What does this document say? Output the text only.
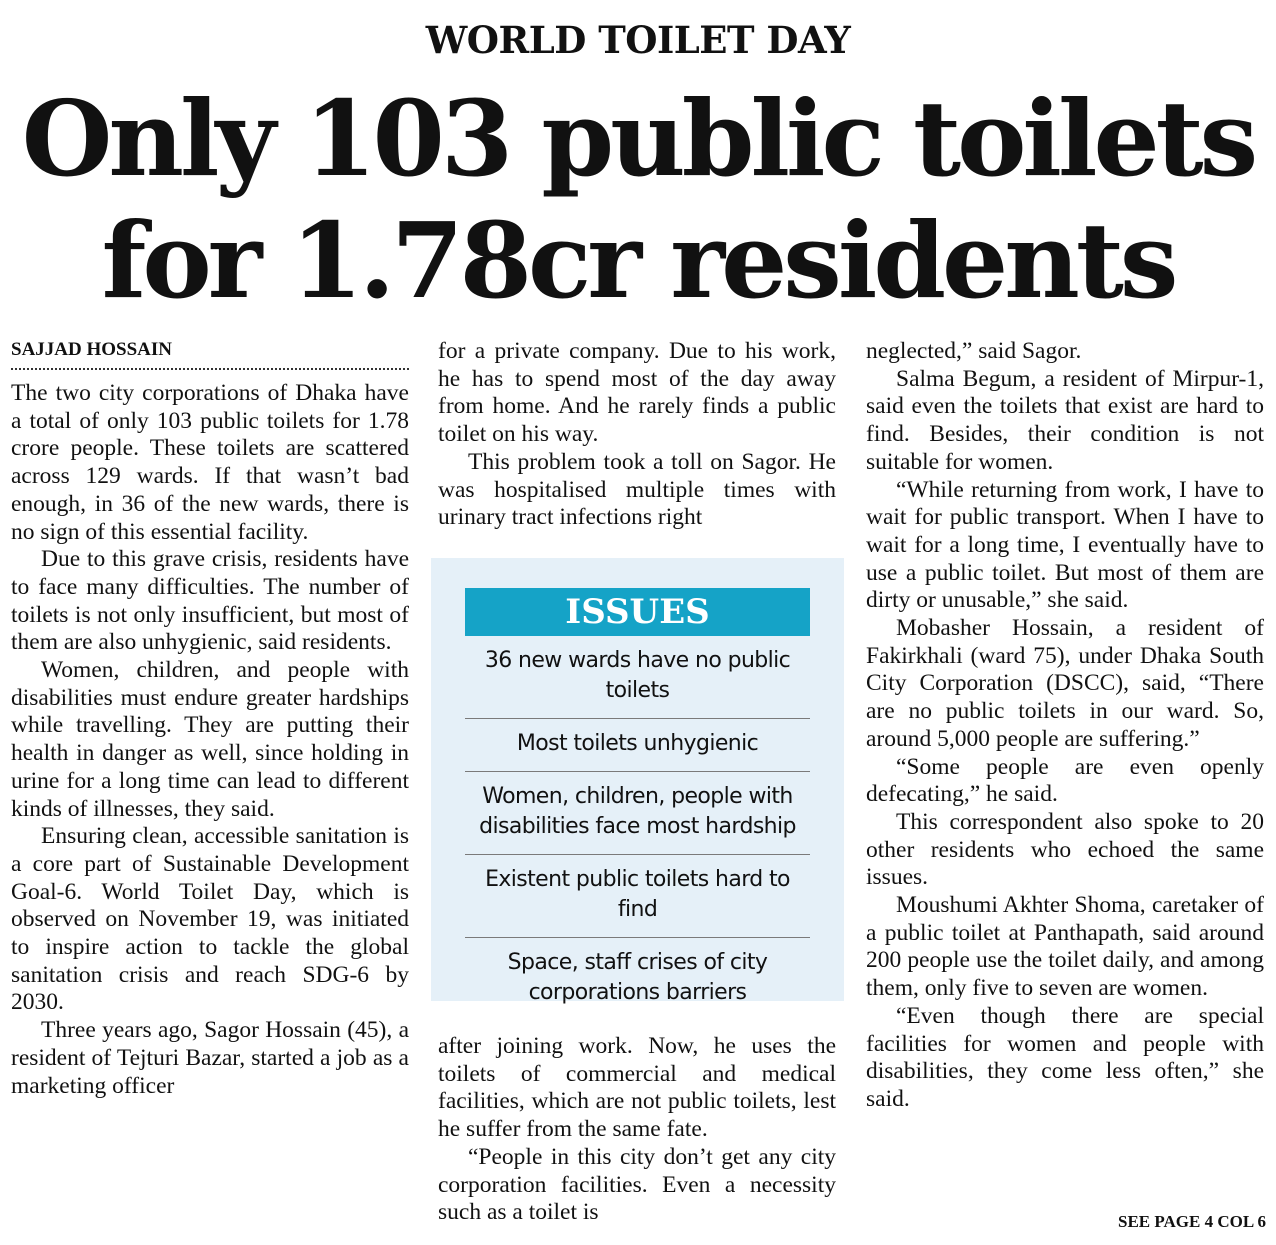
WORLD TOILET DAY
Only 103 public toilets
for 1.78cr residents
SAJJAD HOSSAIN

The two city corporations of Dhaka have a total of only 103 public toilets for 1.78 crore people. These toilets are scattered across 129 wards. If that wasn’t bad enough, in 36 of the new wards, there is no sign of this essential facility.

Due to this grave crisis, residents have to face many difficulties. The number of toilets is not only insufficient, but most of them are also unhygienic, said residents.

Women, children, and people with disabilities must endure greater hardships while travelling. They are putting their health in danger as well, since holding in urine for a long time can lead to different kinds of illnesses, they said.

Ensuring clean, accessible sanitation is a core part of Sustainable Development Goal-6. World Toilet Day, which is observed on November 19, was initiated to inspire action to tackle the global sanitation crisis and reach SDG-6 by 2030.

Three years ago, Sagor Hossain (45), a resident of Tejturi Bazar, started a job as a marketing officer

for a private company. Due to his work, he has to spend most of the day away from home. And he rarely finds a public toilet on his way.

This problem took a toll on Sagor. He was hospitalised multiple times with urinary tract infections right

ISSUES
36 new wards have no public toilets
Most toilets unhygienic
Women, children, people with disabilities face most hardship
Existent public toilets hard to find
Space, staff crises of city corporations barriers

after joining work. Now, he uses the toilets of commercial and medical facilities, which are not public toilets, lest he suffer from the same fate.

“People in this city don’t get any city corporation facilities. Even a necessity such as a toilet is

neglected,” said Sagor.

Salma Begum, a resident of Mirpur-1, said even the toilets that exist are hard to find. Besides, their condition is not suitable for women.

“While returning from work, I have to wait for public transport. When I have to wait for a long time, I eventually have to use a public toilet. But most of them are dirty or unusable,” she said.

Mobasher Hossain, a resident of Fakirkhali (ward 75), under Dhaka South City Corporation (DSCC), said, “There are no public toilets in our ward. So, around 5,000 people are suffering.”

“Some people are even openly defecating,” he said.

This correspondent also spoke to 20 other residents who echoed the same issues.

Moushumi Akhter Shoma, caretaker of a public toilet at Panthapath, said around 200 people use the toilet daily, and among them, only five to seven are women.

“Even though there are special facilities for women and people with disabilities, they come less often,” she said.

SEE PAGE 4 COL 6
